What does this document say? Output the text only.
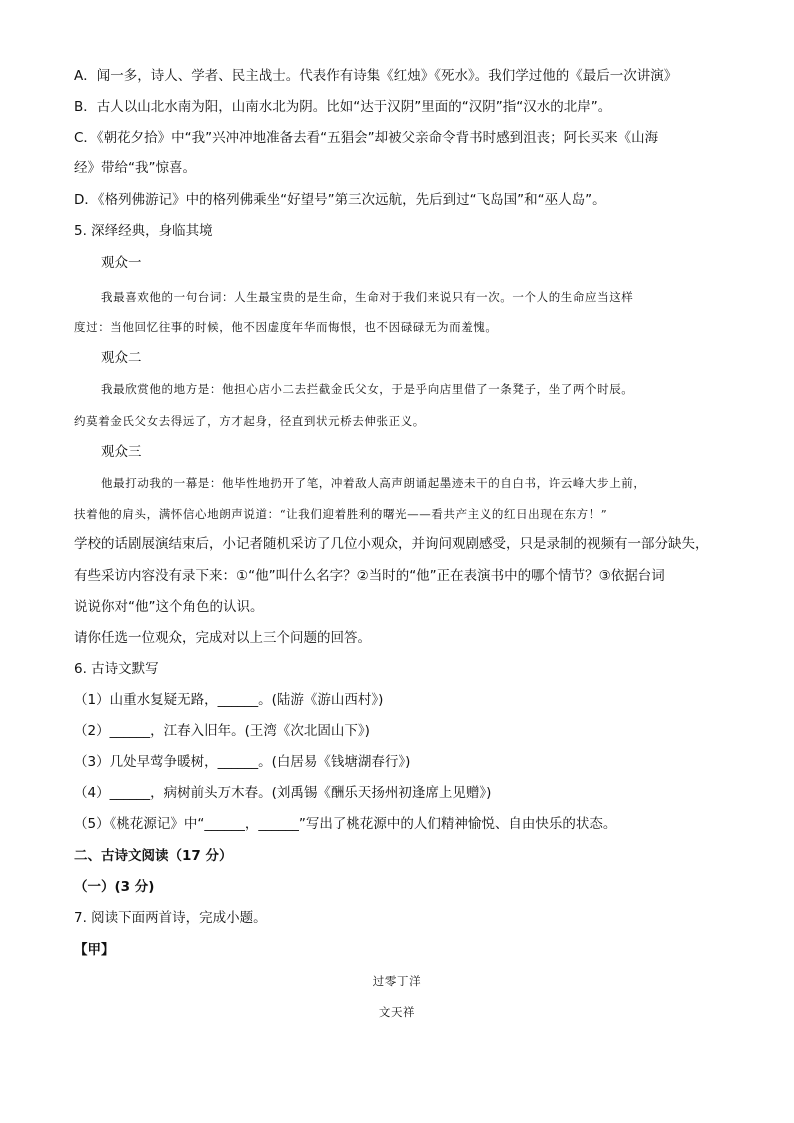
A．闻一多，诗人、学者、民主战士。代表作有诗集《红烛》《死水》。我们学过他的《最后一次讲演》
B．古人以山北水南为阳，山南水北为阴。比如“达于汉阴”里面的“汉阴”指“汉水的北岸”。
C．《朝花夕拾》中“我”兴冲冲地准备去看“五猖会”却被父亲命令背书时感到沮丧；阿长买来《山海
经》带给“我”惊喜。
D．《格列佛游记》中的格列佛乘坐“好望号”第三次远航，先后到过“飞岛国”和“巫人岛”。
5. 深绎经典，身临其境
观众一
我最喜欢他的一句台词：人生最宝贵的是生命，生命对于我们来说只有一次。一个人的生命应当这样
度过：当他回忆往事的时候，他不因虚度年华而悔恨，也不因碌碌无为而羞愧。
观众二
我最欣赏他的地方是：他担心店小二去拦截金氏父女，于是乎向店里借了一条凳子，坐了两个时辰。
约莫着金氏父女去得远了，方才起身，径直到状元桥去伸张正义。
观众三
他最打动我的一幕是：他毕性地扔开了笔，冲着敌人高声朗诵起墨迹未干的自白书，许云峰大步上前，
扶着他的肩头，满怀信心地朗声说道：“让我们迎着胜利的曙光——看共产主义的红日出现在东方！”
学校的话剧展演结束后，小记者随机采访了几位小观众，并询问观剧感受，只是录制的视频有一部分缺失，
有些采访内容没有录下来：①“他”叫什么名字？②当时的“他”正在表演书中的哪个情节？③依据台词
说说你对“他”这个角色的认识。
请你任选一位观众，完成对以上三个问题的回答。
6. 古诗文默写
（1）山重水复疑无路，______。(陆游《游山西村》)
（2）______，江春入旧年。(王湾《次北固山下》)
（3）几处早莺争暖树，______。(白居易《钱塘湖春行》)
（4）______，病树前头万木春。(刘禹锡《酬乐天扬州初逢席上见赠》)
（5）《桃花源记》中“______，______”写出了桃花源中的人们精神愉悦、自由快乐的状态。
二、古诗文阅读（17 分）
（一）(3 分)
7. 阅读下面两首诗，完成小题。
【甲】
过零丁洋
文天祥
